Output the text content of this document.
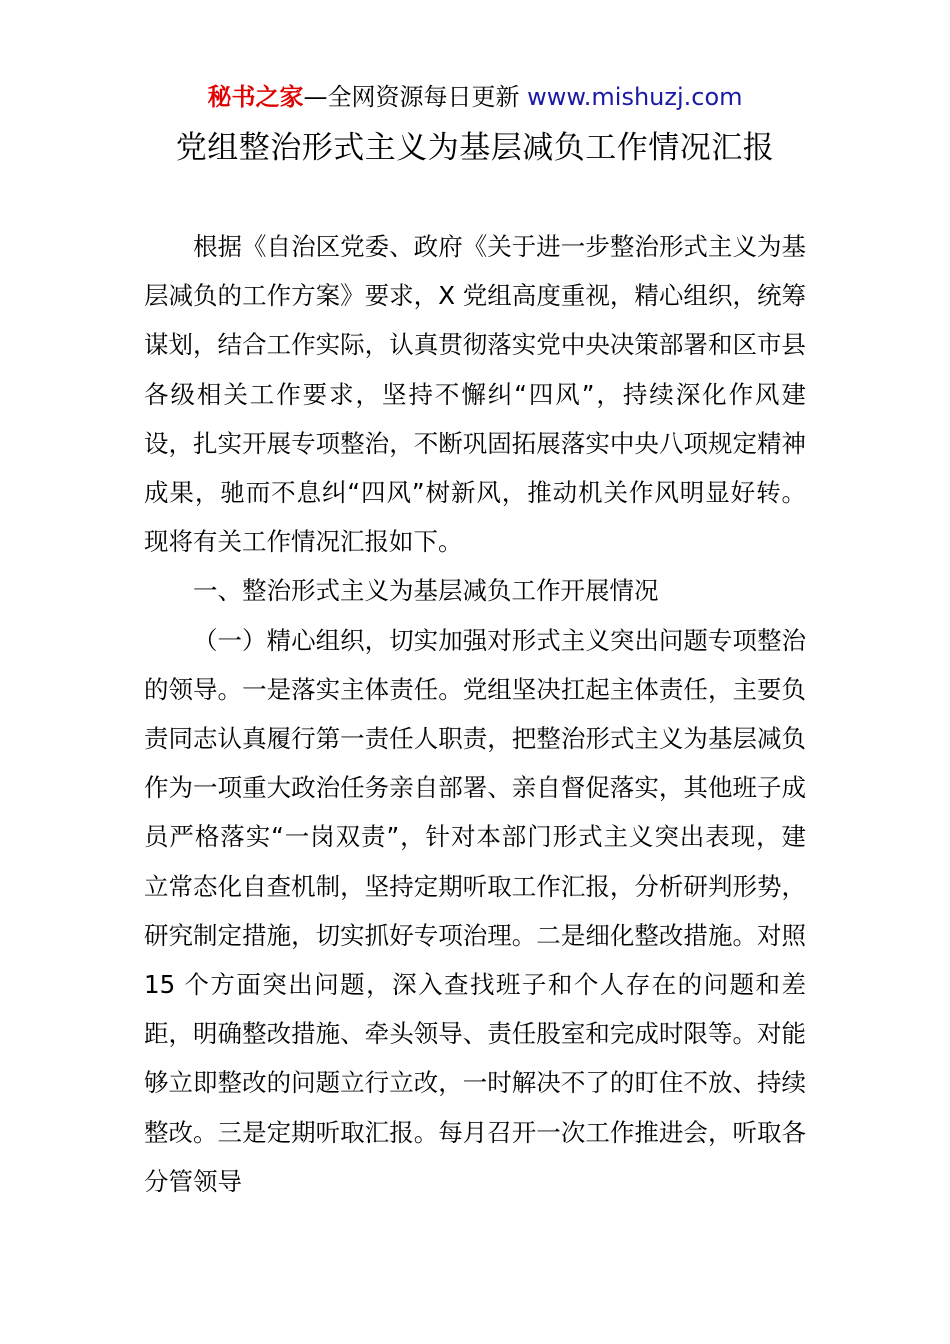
秘书之家—全网资源每日更新 www.mishuzj.com
党组整治形式主义为基层减负工作情况汇报

根据《自治区党委、政府《关于进一步整治形式主义为基层减负的工作方案》要求，X 党组高度重视，精心组织，统筹谋划，结合工作实际，认真贯彻落实党中央决策部署和区市县各级相关工作要求，坚持不懈纠“四风”，持续深化作风建设，扎实开展专项整治，不断巩固拓展落实中央八项规定精神成果，驰而不息纠“四风”树新风，推动机关作风明显好转。现将有关工作情况汇报如下。

一、整治形式主义为基层减负工作开展情况

（一）精心组织，切实加强对形式主义突出问题专项整治的领导。一是落实主体责任。党组坚决扛起主体责任，主要负责同志认真履行第一责任人职责，把整治形式主义为基层减负作为一项重大政治任务亲自部署、亲自督促落实，其他班子成员严格落实“一岗双责”，针对本部门形式主义突出表现，建立常态化自查机制，坚持定期听取工作汇报，分析研判形势，研究制定措施，切实抓好专项治理。二是细化整改措施。对照 15 个方面突出问题，深入查找班子和个人存在的问题和差距，明确整改措施、牵头领导、责任股室和完成时限等。对能够立即整改的问题立行立改，一时解决不了的盯住不放、持续整改。三是定期听取汇报。每月召开一次工作推进会，听取各分管领导
